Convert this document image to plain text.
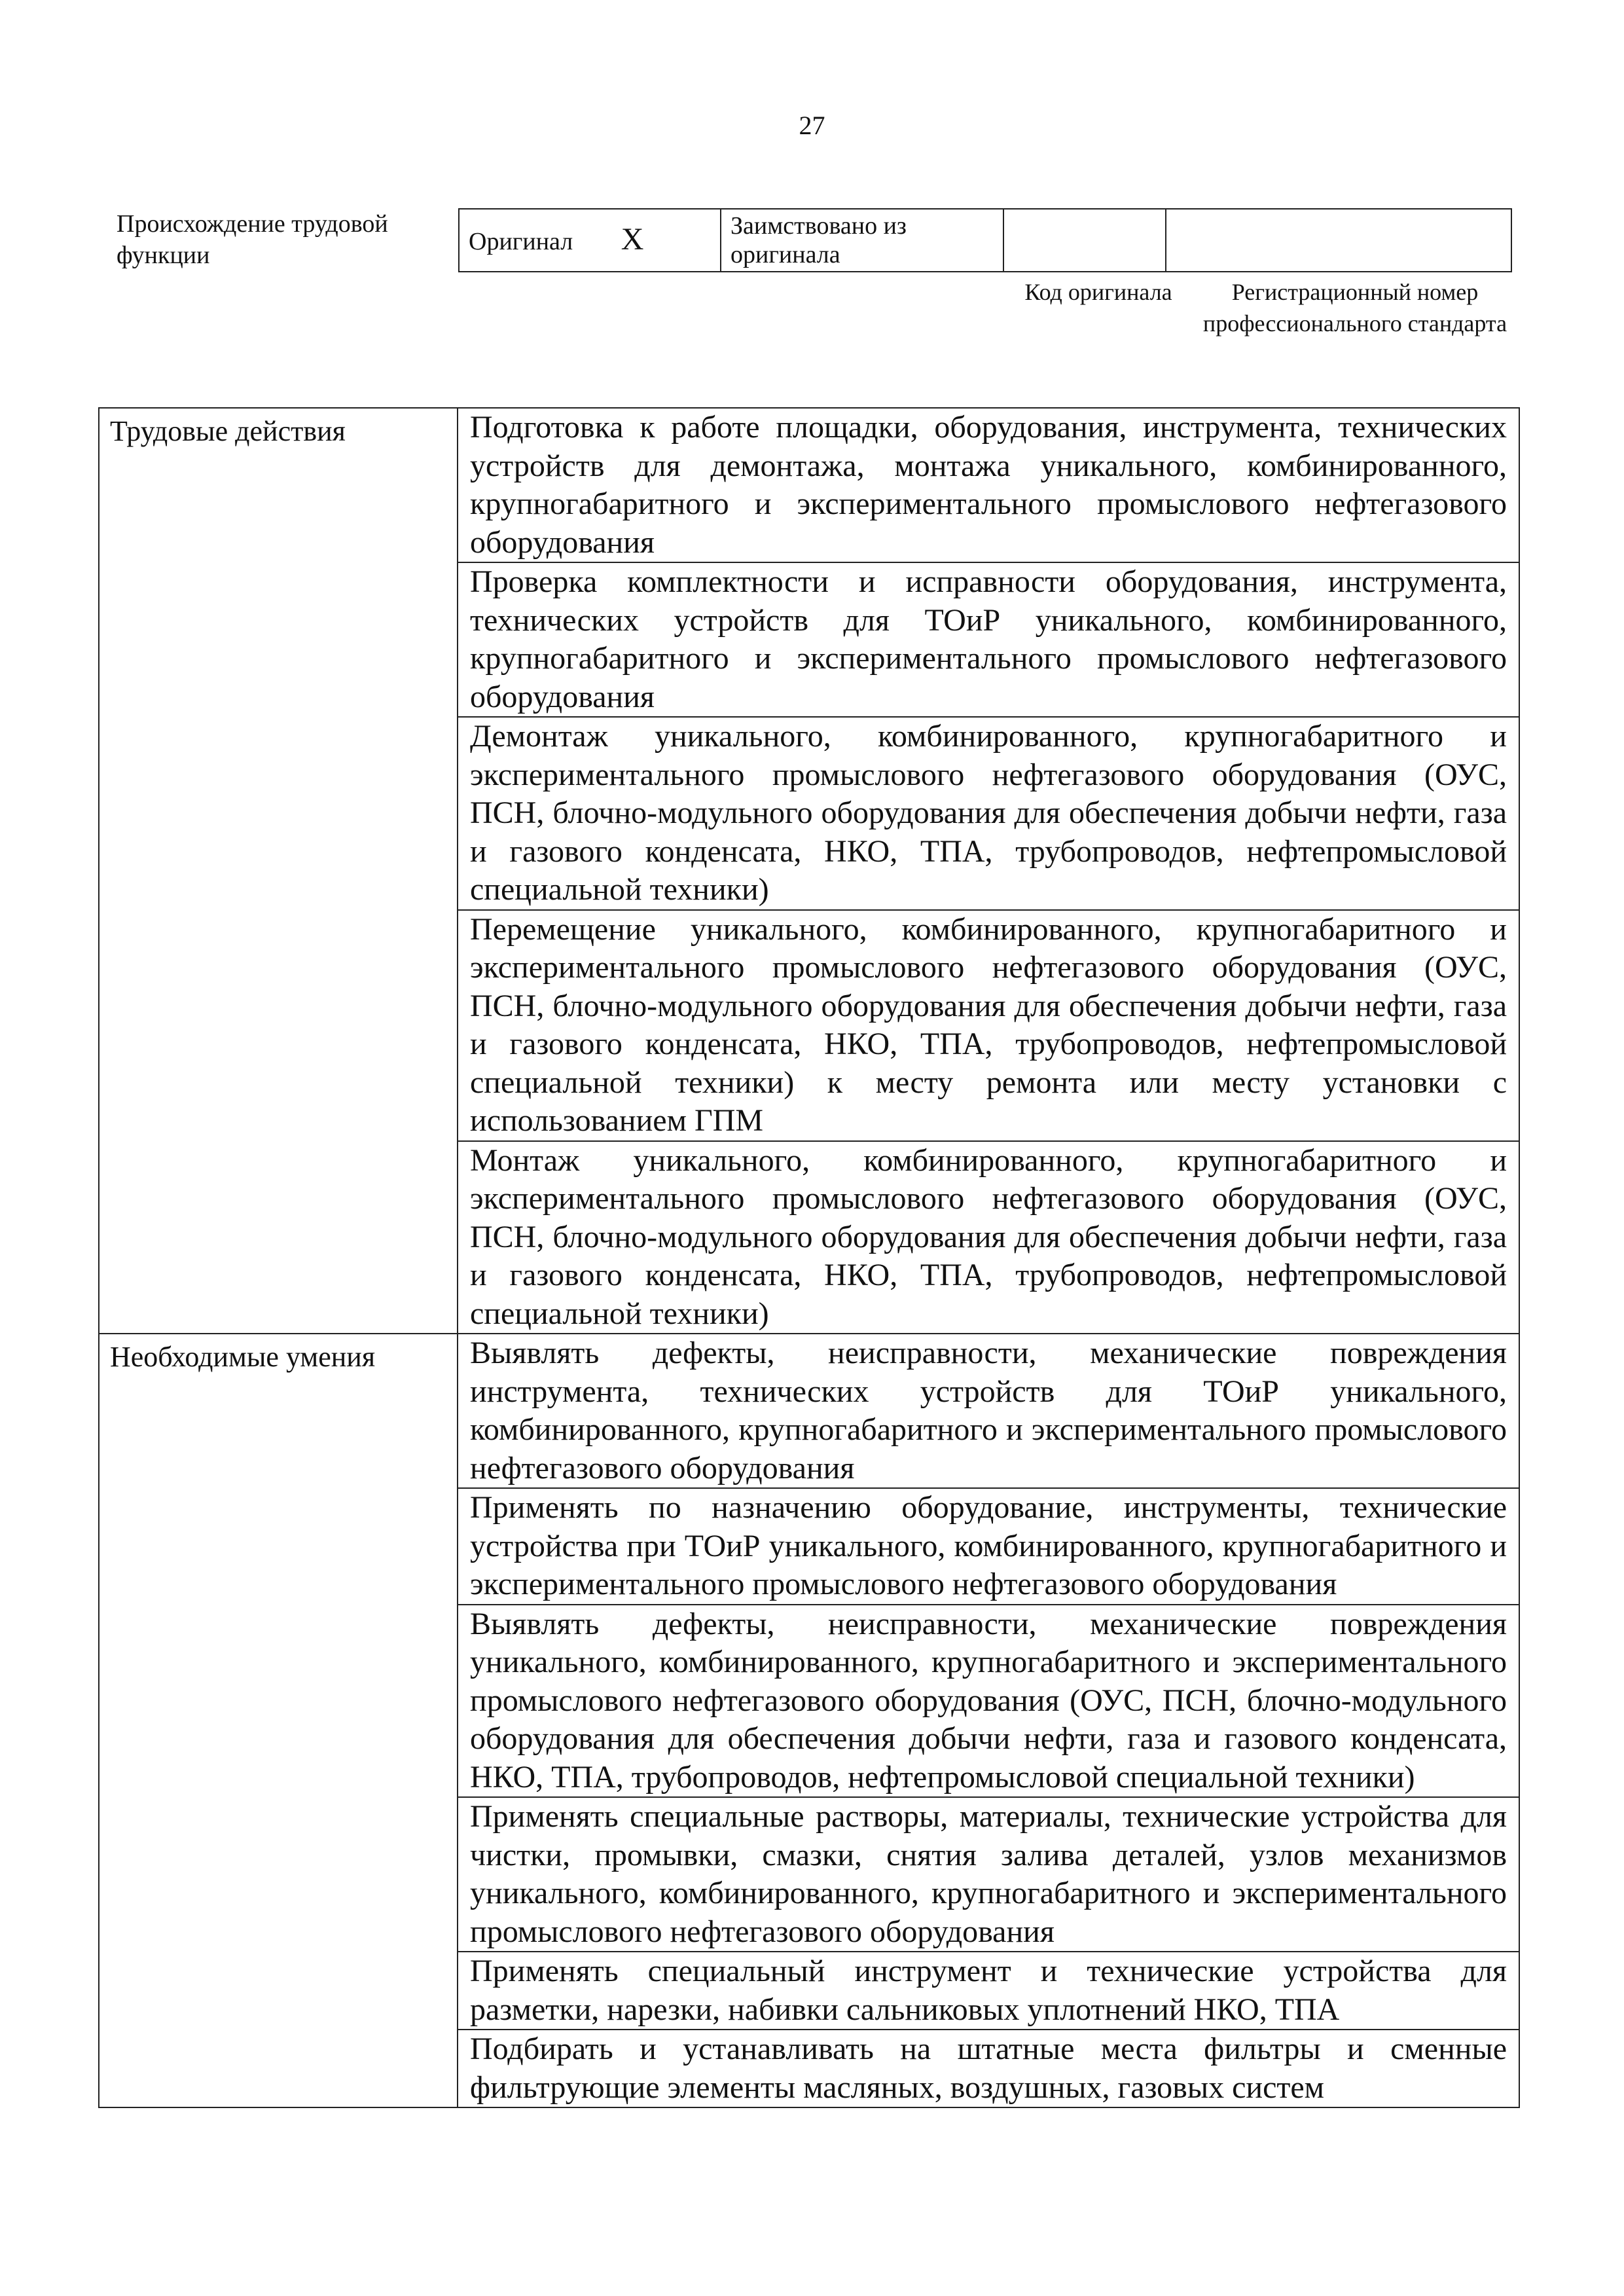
27
Происхождение трудовой функции
Оригинал X	Заимствовано из оригинала		
Код оригинала	Регистрационный номер профессионального стандарта
Трудовые действия	Подготовка к работе площадки, оборудования, инструмента, технических устройств для демонтажа, монтажа уникального, комбинированного, крупногабаритного и экспериментального промыслового нефтегазового оборудования
	Проверка комплектности и исправности оборудования, инструмента, технических устройств для ТОиР уникального, комбинированного, крупногабаритного и экспериментального промыслового нефтегазового оборудования
	Демонтаж уникального, комбинированного, крупногабаритного и экспериментального промыслового нефтегазового оборудования (ОУС, ПСН, блочно-модульного оборудования для обеспечения добычи нефти, газа и газового конденсата, НКО, ТПА, трубопроводов, нефтепромысловой специальной техники)
	Перемещение уникального, комбинированного, крупногабаритного и экспериментального промыслового нефтегазового оборудования (ОУС, ПСН, блочно-модульного оборудования для обеспечения добычи нефти, газа и газового конденсата, НКО, ТПА, трубопроводов, нефтепромысловой специальной техники) к месту ремонта или месту установки с использованием ГПМ
	Монтаж уникального, комбинированного, крупногабаритного и экспериментального промыслового нефтегазового оборудования (ОУС, ПСН, блочно-модульного оборудования для обеспечения добычи нефти, газа и газового конденсата, НКО, ТПА, трубопроводов, нефтепромысловой специальной техники)
Необходимые умения	Выявлять дефекты, неисправности, механические повреждения инструмента, технических устройств для ТОиР уникального, комбинированного, крупногабаритного и экспериментального промыслового нефтегазового оборудования
	Применять по назначению оборудование, инструменты, технические устройства при ТОиР уникального, комбинированного, крупногабаритного и экспериментального промыслового нефтегазового оборудования
	Выявлять дефекты, неисправности, механические повреждения уникального, комбинированного, крупногабаритного и экспериментального промыслового нефтегазового оборудования (ОУС, ПСН, блочно-модульного оборудования для обеспечения добычи нефти, газа и газового конденсата, НКО, ТПА, трубопроводов, нефтепромысловой специальной техники)
	Применять специальные растворы, материалы, технические устройства для чистки, промывки, смазки, снятия залива деталей, узлов механизмов уникального, комбинированного, крупногабаритного и экспериментального промыслового нефтегазового оборудования
	Применять специальный инструмент и технические устройства для разметки, нарезки, набивки сальниковых уплотнений НКО, ТПА
	Подбирать и устанавливать на штатные места фильтры и сменные фильтрующие элементы масляных, воздушных, газовых систем
